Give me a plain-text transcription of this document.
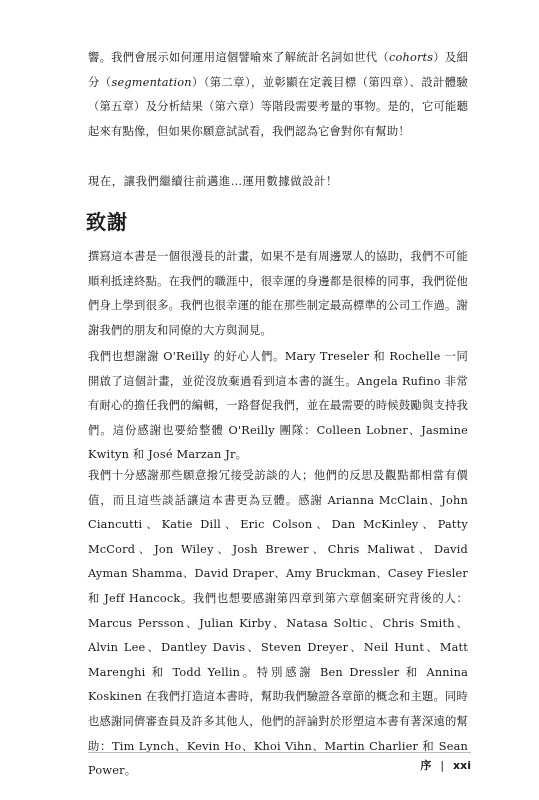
響。我們會展示如何運用這個譬喻來了解統計名詞如世代（cohorts）及細分（segmentation）（第二章），並彰顯在定義目標（第四章）、設計體驗（第五章）及分析結果（第六章）等階段需要考量的事物。是的，它可能聽起來有點像，但如果你願意試試看，我們認為它會對你有幫助！
現在，讓我們繼續往前邁進…運用數據做設計！
致謝
撰寫這本書是一個很漫長的計畫，如果不是有周邊眾人的協助，我們不可能順利抵達終點。在我們的職涯中，很幸運的身邊都是很棒的同事，我們從他們身上學到很多。我們也很幸運的能在那些制定最高標準的公司工作過。謝謝我們的朋友和同僚的大方與洞見。
我們也想謝謝 O'Reilly 的好心人們。Mary Treseler 和 Rochelle 一同開啟了這個計畫，並從沒放棄過看到這本書的誕生。Angela Rufino 非常有耐心的擔任我們的編輯，一路督促我們，並在最需要的時候鼓勵與支持我們。這份感謝也要給整體 O'Reilly 團隊：Colleen Lobner、Jasmine Kwityn 和 José Marzan Jr。
我們十分感謝那些願意撥冗接受訪談的人；他們的反思及觀點都相當有價值，而且這些談話讓這本書更為豆體。感謝 Arianna McClain、John Ciancutti、Katie Dill、Eric Colson、Dan McKinley、Patty McCord、Jon Wiley、Josh Brewer、Chris Maliwat、David Ayman Shamma、David Draper、Amy Bruckman、Casey Fiesler 和 Jeff Hancock。我們也想要感謝第四章到第六章個案研究背後的人：Marcus Persson、Julian Kirby、Natasa Soltic、Chris Smith、Alvin Lee、Dantley Davis、Steven Dreyer、Neil Hunt、Matt Marenghi 和 Todd Yellin。特別感謝 Ben Dressler 和 Annina Koskinen 在我們打造這本書時，幫助我們驗證各章節的概念和主題。同時也感謝同儕審查員及許多其他人，他們的評論對於形塑這本書有著深遠的幫助：Tim Lynch、Kevin Ho、Khoi Vihn、Martin Charlier 和 Sean Power。	序 | xxi
